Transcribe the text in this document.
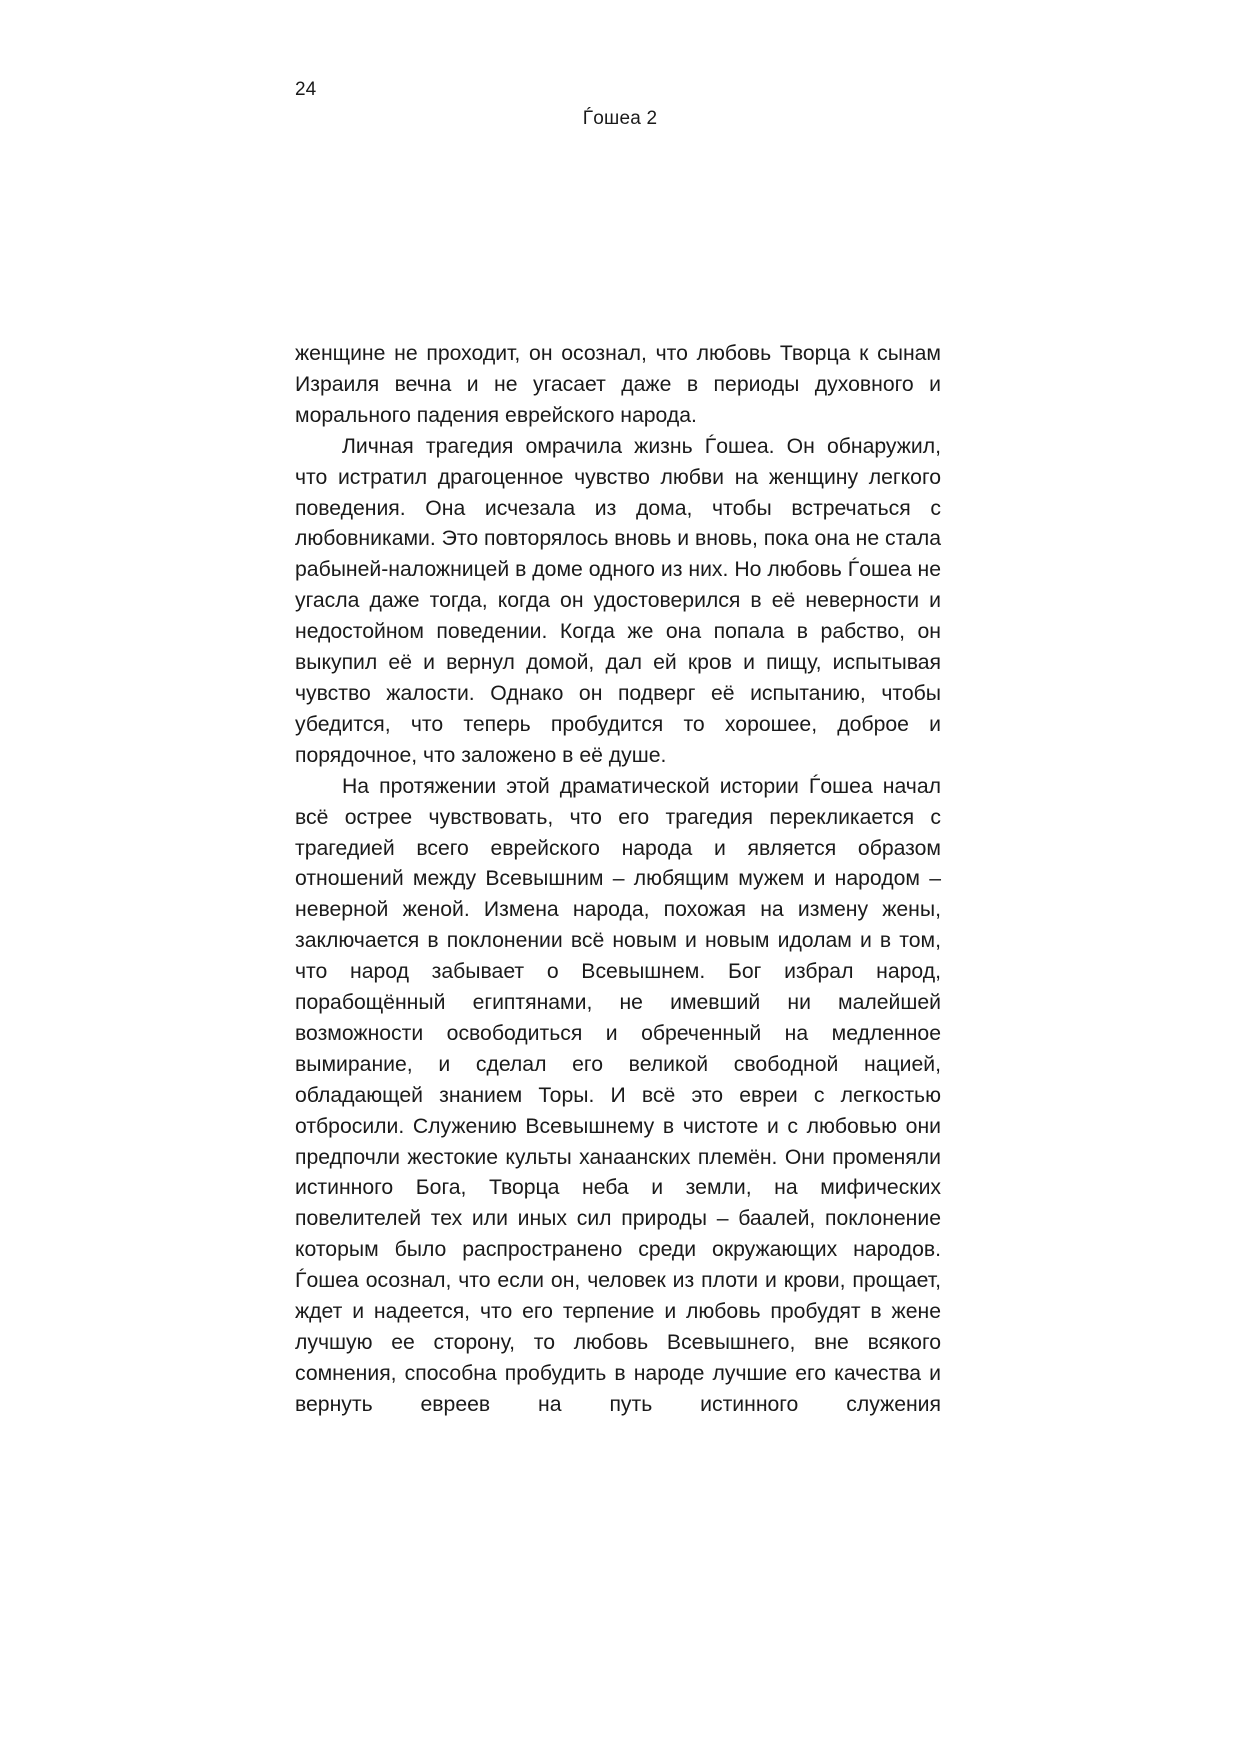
24
Ѓошеа 2

женщине не проходит, он осознал, что любовь Творца к сынам Израиля вечна и не угасает даже в периоды духовного и морального падения еврейского народа.

Личная трагедия омрачила жизнь Ѓошеа. Он обнаружил, что истратил драгоценное чувство любви на женщину легкого поведения. Она исчезала из дома, чтобы встречаться с любовниками. Это повторялось вновь и вновь, пока она не стала рабыней-наложницей в доме одного из них. Но любовь Ѓошеа не угасла даже тогда, когда он удостоверился в её неверности и недостойном поведении. Когда же она попала в рабство, он выкупил её и вернул домой, дал ей кров и пищу, испытывая чувство жалости. Однако он подверг её испытанию, чтобы убедится, что теперь пробудится то хорошее, доброе и порядочное, что заложено в её душе.

На протяжении этой драматической истории Ѓошеа начал всё острее чувствовать, что его трагедия перекликается с трагедией всего еврейского народа и является образом отношений между Всевышним – любящим мужем и народом – неверной женой. Измена народа, похожая на измену жены, заключается в поклонении всё новым и новым идолам и в том, что народ забывает о Всевышнем. Бог избрал народ, порабощённый египтянами, не имевший ни малейшей возможности освободиться и обреченный на медленное вымирание, и сделал его великой свободной нацией, обладающей знанием Торы. И всё это евреи с легкостью отбросили. Служению Всевышнему в чистоте и с любовью они предпочли жестокие культы ханаанских племён. Они променяли истинного Бога, Творца неба и земли, на мифических повелителей тех или иных сил природы – баалей, поклонение которым было распространено среди окружающих народов. Ѓошеа осознал, что если он, человек из плоти и крови, прощает, ждет и надеется, что его терпение и любовь пробудят в жене лучшую ее сторону, то любовь Всевышнего, вне всякого сомнения, способна пробудить в народе лучшие его качества и вернуть евреев на путь истинного служения
